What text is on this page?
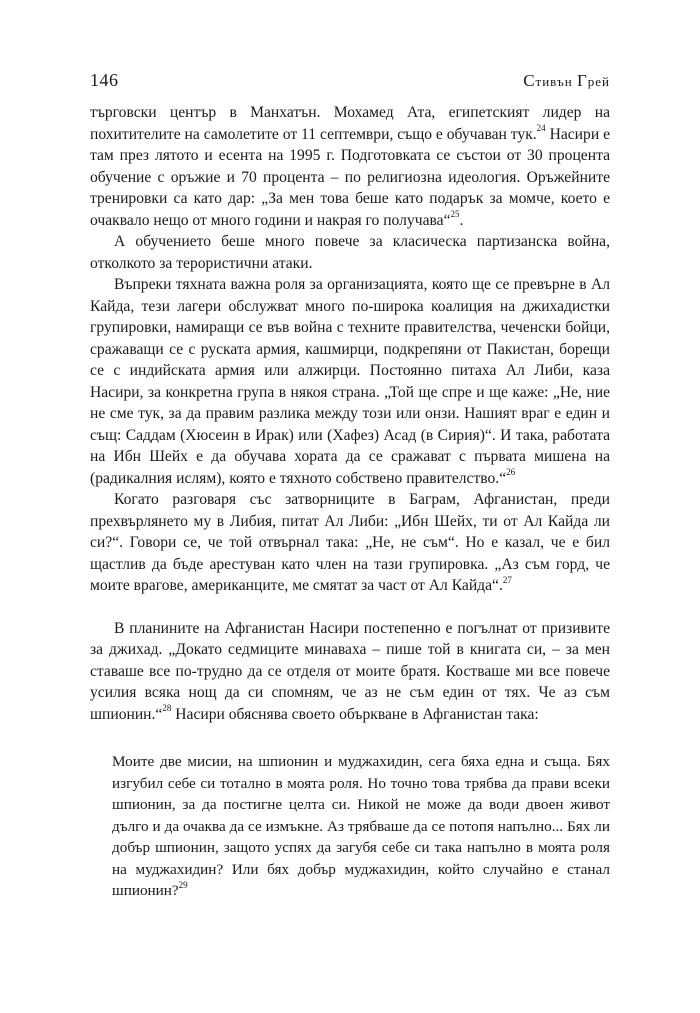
146	Стивън Грей

търговски център в Манхатън. Мохамед Ата, египетският лидер на похитителите на самолетите от 11 септември, също е обучаван тук.$^{24}$ Насири е там през лятото и есента на 1995 г. Подготовката се състои от 30 процента обучение с оръжие и 70 процента – по религиозна идеология. Оръжейните тренировки са като дар: „За мен това беше като подарък за момче, което е очаквало нещо от много години и накрая го получава“$^{25}$.

А обучението беше много повече за класическа партизанска война, отколкото за терористични атаки.

Въпреки тяхната важна роля за организацията, която ще се превърне в Ал Кайда, тези лагери обслужват много по-широка коалиция на джихадистки групировки, намиращи се във война с техните правителства, чеченски бойци, сражаващи се с руската армия, кашмирци, подкрепяни от Пакистан, борещи се с индийската армия или алжирци. Постоянно питаха Ал Либи, каза Насири, за конкретна група в някоя страна. „Той ще спре и ще каже: „Не, ние не сме тук, за да правим разлика между този или онзи. Нашият враг е един и същ: Саддам (Хюсеин в Ирак) или (Хафез) Асад (в Сирия)“. И така, работата на Ибн Шейх е да обучава хората да се сражават с първата мишена на (радикалния ислям), която е тяхното собствено правителство.“$^{26}$

Когато разговаря със затворниците в Баграм, Афганистан, преди прехвърлянето му в Либия, питат Ал Либи: „Ибн Шейх, ти от Ал Кайда ли си?“. Говори се, че той отвърнал така: „Не, не съм“. Но е казал, че е бил щастлив да бъде арестуван като член на тази групировка. „Аз съм горд, че моите врагове, американците, ме смятат за част от Ал Кайда“.$^{27}$

В планините на Афганистан Насири постепенно е погълнат от призивите за джихад. „Докато седмиците минаваха – пише той в книгата си, – за мен ставаше все по-трудно да се отделя от моите братя. Костваше ми все повече усилия всяка нощ да си спомням, че аз не съм един от тях. Че аз съм шпионин.“$^{28}$ Насири обяснява своето объркване в Афганистан така:

Моите две мисии, на шпионин и муджахидин, сега бяха една и съща. Бях изгубил себе си тотално в моята роля. Но точно това трябва да прави всеки шпионин, за да постигне целта си. Никой не може да води двоен живот дълго и да очаква да се измъкне. Аз трябваше да се потопя напълно... Бях ли добър шпионин, защото успях да загубя себе си така напълно в моята роля на муджахидин? Или бях добър муджахидин, който случайно е станал шпионин?$^{29}$
